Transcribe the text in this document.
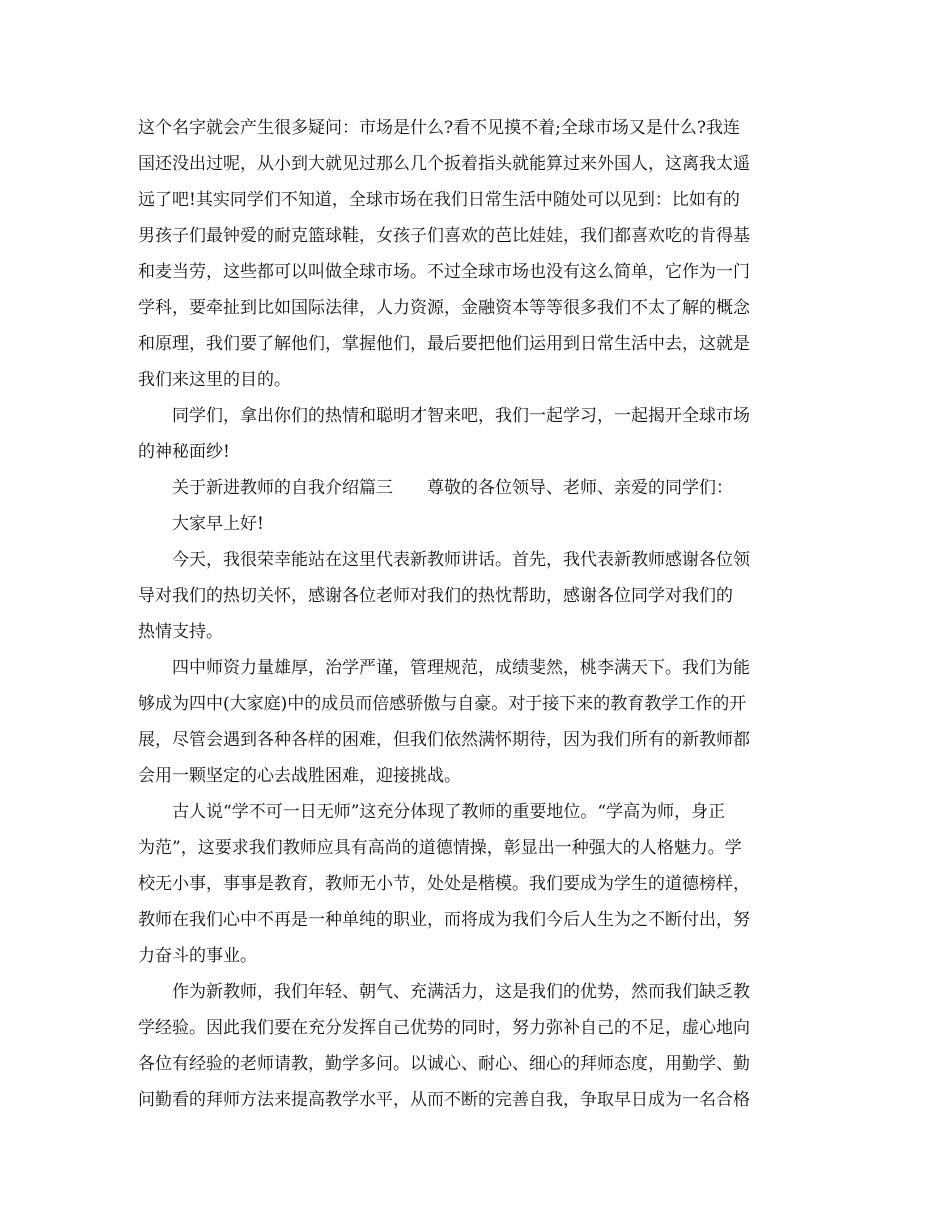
这个名字就会产生很多疑问：市场是什么?看不见摸不着;全球市场又是什么?我连
国还没出过呢，从小到大就见过那么几个扳着指头就能算过来外国人，这离我太遥
远了吧!其实同学们不知道，全球市场在我们日常生活中随处可以见到：比如有的
男孩子们最钟爱的耐克篮球鞋，女孩子们喜欢的芭比娃娃，我们都喜欢吃的肯得基
和麦当劳，这些都可以叫做全球市场。不过全球市场也没有这么简单，它作为一门
学科，要牵扯到比如国际法律，人力资源，金融资本等等很多我们不太了解的概念
和原理，我们要了解他们，掌握他们，最后要把他们运用到日常生活中去，这就是
我们来这里的目的。
同学们，拿出你们的热情和聪明才智来吧，我们一起学习，一起揭开全球市场
的神秘面纱!
关于新进教师的自我介绍篇三　　尊敬的各位领导、老师、亲爱的同学们：
大家早上好!
今天，我很荣幸能站在这里代表新教师讲话。首先，我代表新教师感谢各位领
导对我们的热切关怀，感谢各位老师对我们的热忱帮助，感谢各位同学对我们的
热情支持。
四中师资力量雄厚，治学严谨，管理规范，成绩斐然，桃李满天下。我们为能
够成为四中(大家庭)中的成员而倍感骄傲与自豪。对于接下来的教育教学工作的开
展，尽管会遇到各种各样的困难，但我们依然满怀期待，因为我们所有的新教师都
会用一颗坚定的心去战胜困难，迎接挑战。
古人说“学不可一日无师”这充分体现了教师的重要地位。“学高为师，身正
为范”，这要求我们教师应具有高尚的道德情操，彰显出一种强大的人格魅力。学
校无小事，事事是教育，教师无小节，处处是楷模。我们要成为学生的道德榜样，
教师在我们心中不再是一种单纯的职业，而将成为我们今后人生为之不断付出，努
力奋斗的事业。
作为新教师，我们年轻、朝气、充满活力，这是我们的优势，然而我们缺乏教
学经验。因此我们要在充分发挥自己优势的同时，努力弥补自己的不足，虚心地向
各位有经验的老师请教，勤学多问。以诚心、耐心、细心的拜师态度，用勤学、勤
问勤看的拜师方法来提高教学水平，从而不断的完善自我，争取早日成为一名合格
